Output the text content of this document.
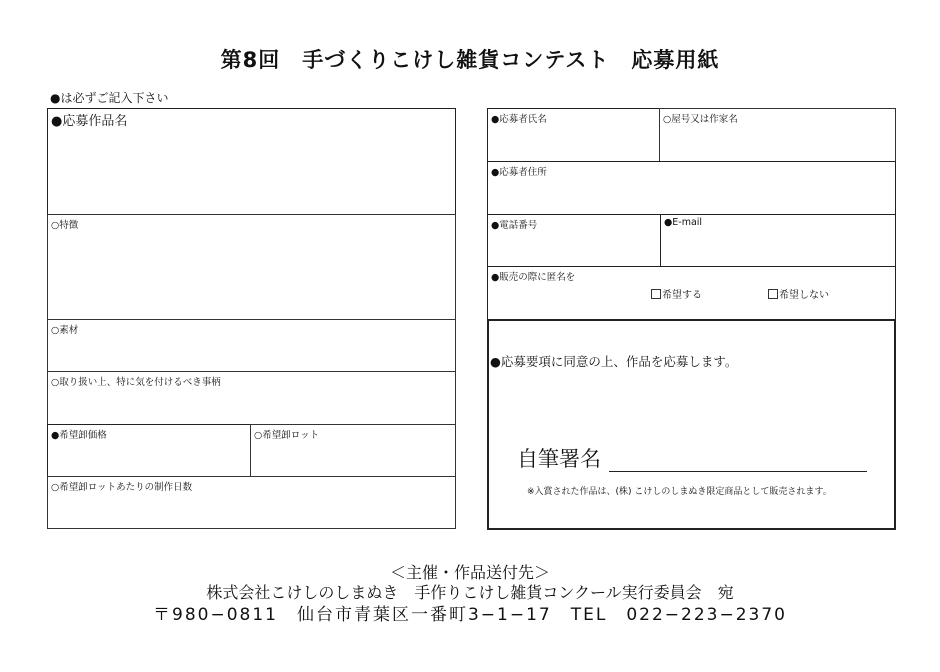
第8回　手づくりこけし雑貨コンテスト　応募用紙
●は必ずご記入下さい
●応募作品名
○特徴
○素材
○取り扱い上、特に気を付けるべき事柄
●希望卸価格	○希望卸ロット
○希望卸ロットあたりの制作日数
●応募者氏名	○屋号又は作家名
●応募者住所
●電話番号	●E-mail
●販売の際に匿名を
希望する	希望しない
●応募要項に同意の上、作品を応募します。
自筆署名
※入賞された作品は、(株) こけしのしまぬき限定商品として販売されます。
＜主催・作品送付先＞
株式会社こけしのしまぬき　手作りこけし雑貨コンクール実行委員会　宛
〒980−0811　仙台市青葉区一番町3−1−17　TEL　022−223−2370
